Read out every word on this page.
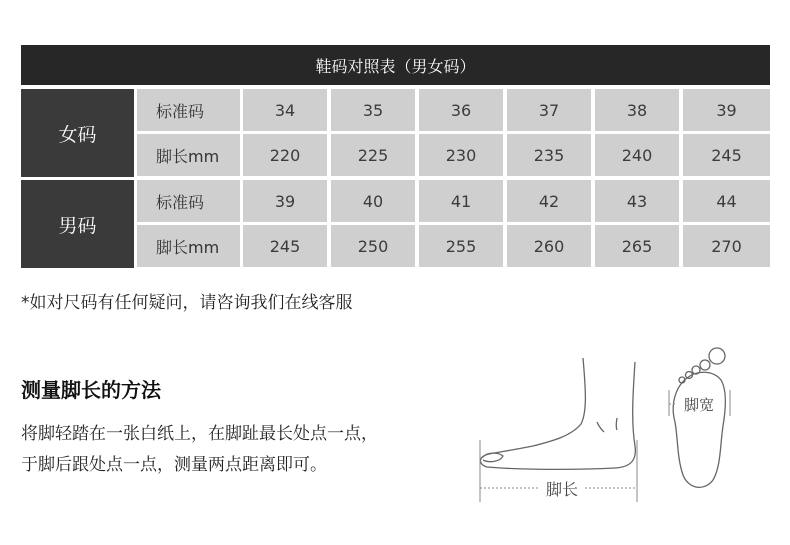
鞋码对照表（男女码）
女码
标准码	34	35	36	37	38	39
脚长mm	220	225	230	235	240	245
男码
标准码	39	40	41	42	43	44
脚长mm	245	250	255	260	265	270
*如对尺码有任何疑问，请咨询我们在线客服
测量脚长的方法
将脚轻踏在一张白纸上，在脚趾最长处点一点，
于脚后跟处点一点，测量两点距离即可。
脚长
脚宽
